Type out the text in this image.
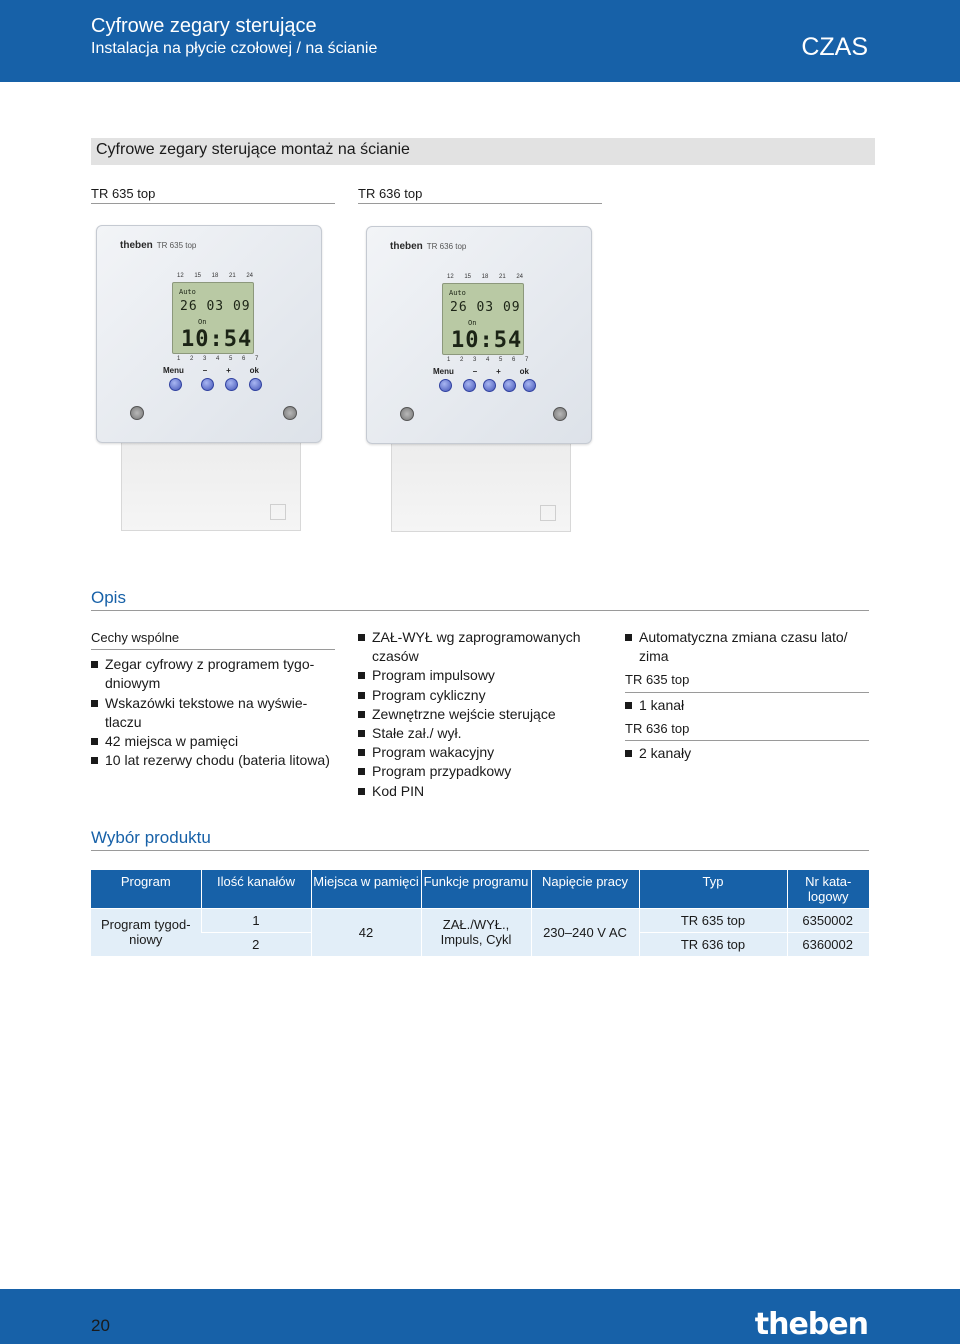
Cyfrowe zegary sterujące
Instalacja na płycie czołowej / na ścianie	CZAS
Cyfrowe zegary sterujące montaż na ścianie
TR 635 top	TR 636 top
theben TR 635 top
12 15 18 21 24
Auto
26 03 09
On
10:54
1 2 3 4 5 6 7
Menu – + ok
theben TR 636 top
12 15 18 21 24
Auto
26 03 09
On
10:54
1 2 3 4 5 6 7
Menu – + ok
Opis
Cechy wspólne
Zegar cyfrowy z programem tygo- dniowym
Wskazówki tekstowe na wyświe- tlaczu
42 miejsca w pamięci
10 lat rezerwy chodu (bateria litowa)
ZAŁ-WYŁ wg zaprogramowanych czasów
Program impulsowy
Program cykliczny
Zewnętrzne wejście sterujące
Stałe zał./ wył.
Program wakacyjny
Program przypadkowy
Kod PIN
Automatyczna zmiana czasu lato/ zima
TR 635 top
1 kanał
TR 636 top
2 kanały
Wybór produktu
Program	Ilość kanałów	Miejsca w pamięci	Funkcje programu	Napięcie pracy	Typ	Nr kata- logowy
Program tygod- niowy	1	42	ZAŁ./WYŁ., Impuls, Cykl	230–240 V AC	TR 635 top	6350002
	2				TR 636 top	6360002
theben
20
